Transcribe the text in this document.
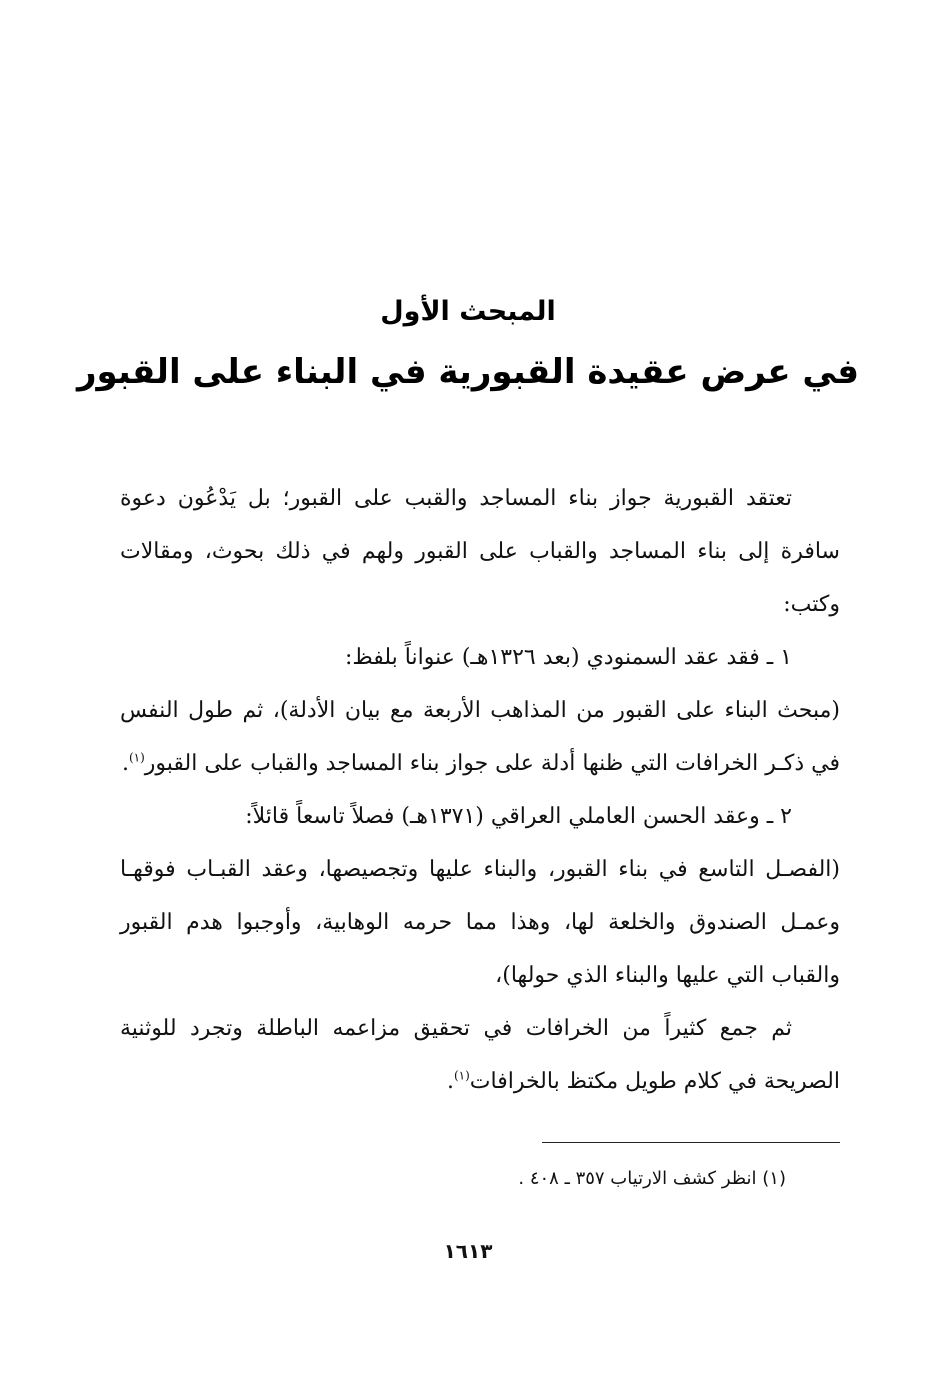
المبحث الأول
في عرض عقيدة القبورية في البناء على القبور

تعتقد القبورية جواز بناء المساجد والقبب على القبور؛ بل يَدْعُون دعوة سافرة إلى بناء المساجد والقباب على القبور ولهم في ذلك بحوث، ومقالات وكتب:

١ ـ فقد عقد السمنودي (بعد ١٣٢٦هـ) عنواناً بلفظ:

(مبحث البناء على القبور من المذاهب الأربعة مع بيان الأدلة)، ثم طول النفس في ذكـر الخرافات التي ظنها أدلة على جواز بناء المساجد والقباب على القبور$^{(١)}$.

٢ ـ وعقد الحسن العاملي العراقي (١٣٧١هـ) فصلاً تاسعاً قائلاً:

(الفصـل التاسع في بناء القبور، والبناء عليها وتجصيصها، وعقد القبـاب فوقهـا وعمـل الصندوق والخلعة لها، وهذا مما حرمه الوهابية، وأوجبوا هدم القبور والقباب التي عليها والبناء الذي حولها)،

ثم جمع كثيراً من الخرافات في تحقيق مزاعمه الباطلة وتجرد للوثنية الصريحة في كلام طويل مكتظ بالخرافات$^{(١)}$.

(١) انظر كشف الارتياب ٣٥٧ ـ ٤٠٨ .
١٦١٣
